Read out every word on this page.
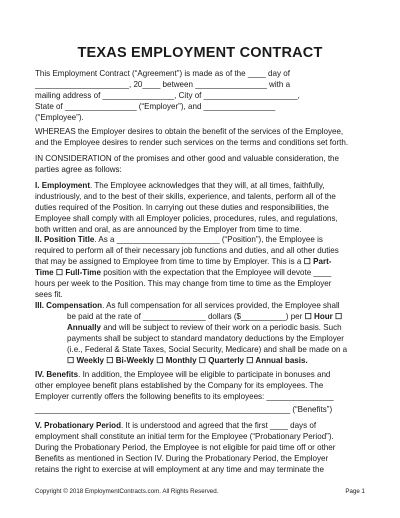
TEXAS EMPLOYMENT CONTRACT
This Employment Contract (“Agreement”) is made as of the ____ day of
_____________________, 20____ between ________________ with a
mailing address of ________________, City of _____________________,
State of ________________ (“Employer”), and ________________
(“Employee”).
WHEREAS the Employer desires to obtain the benefit of the services of the Employee,
and the Employee desires to render such services on the terms and conditions set forth.
IN CONSIDERATION of the promises and other good and valuable consideration, the
parties agree as follows:
I. Employment. The Employee acknowledges that they will, at all times, faithfully,
industriously, and to the best of their skills, experience, and talents, perform all of the
duties required of the Position. In carrying out these duties and responsibilities, the
Employee shall comply with all Employer policies, procedures, rules, and regulations,
both written and oral, as are announced by the Employer from time to time.
II. Position Title. As a _______________________ (“Position”), the Employee is
required to perform all of their necessary job functions and duties, and all other duties
that may be assigned to Employee from time to time by Employer. This is a ☐ Part-
Time ☐ Full-Time position with the expectation that the Employee will devote ____
hours per week to the Position. This may change from time to time as the Employer
sees fit.
III. Compensation. As full compensation for all services provided, the Employee shall
be paid at the rate of ______________ dollars ($__________) per ☐ Hour ☐
Annually and will be subject to review of their work on a periodic basis. Such
payments shall be subject to standard mandatory deductions by the Employer
(i.e., Federal & State Taxes, Social Security, Medicare) and shall be made on a
☐ Weekly ☐ Bi-Weekly ☐ Monthly ☐ Quarterly ☐ Annual basis.
IV. Benefits. In addition, the Employee will be eligible to participate in bonuses and
other employee benefit plans established by the Company for its employees. The
Employer currently offers the following benefits to its employees: _______________
_________________________________________________________ (“Benefits”)
V. Probationary Period. It is understood and agreed that the first ____ days of
employment shall constitute an initial term for the Employee (“Probationary Period”).
During the Probationary Period, the Employee is not eligible for paid time off or other
Benefits as mentioned in Section IV. During the Probationary Period, the Employer
retains the right to exercise at will employment at any time and may terminate the
Copyright © 2018 EmploymentContracts.com. All Rights Reserved.	Page 1
